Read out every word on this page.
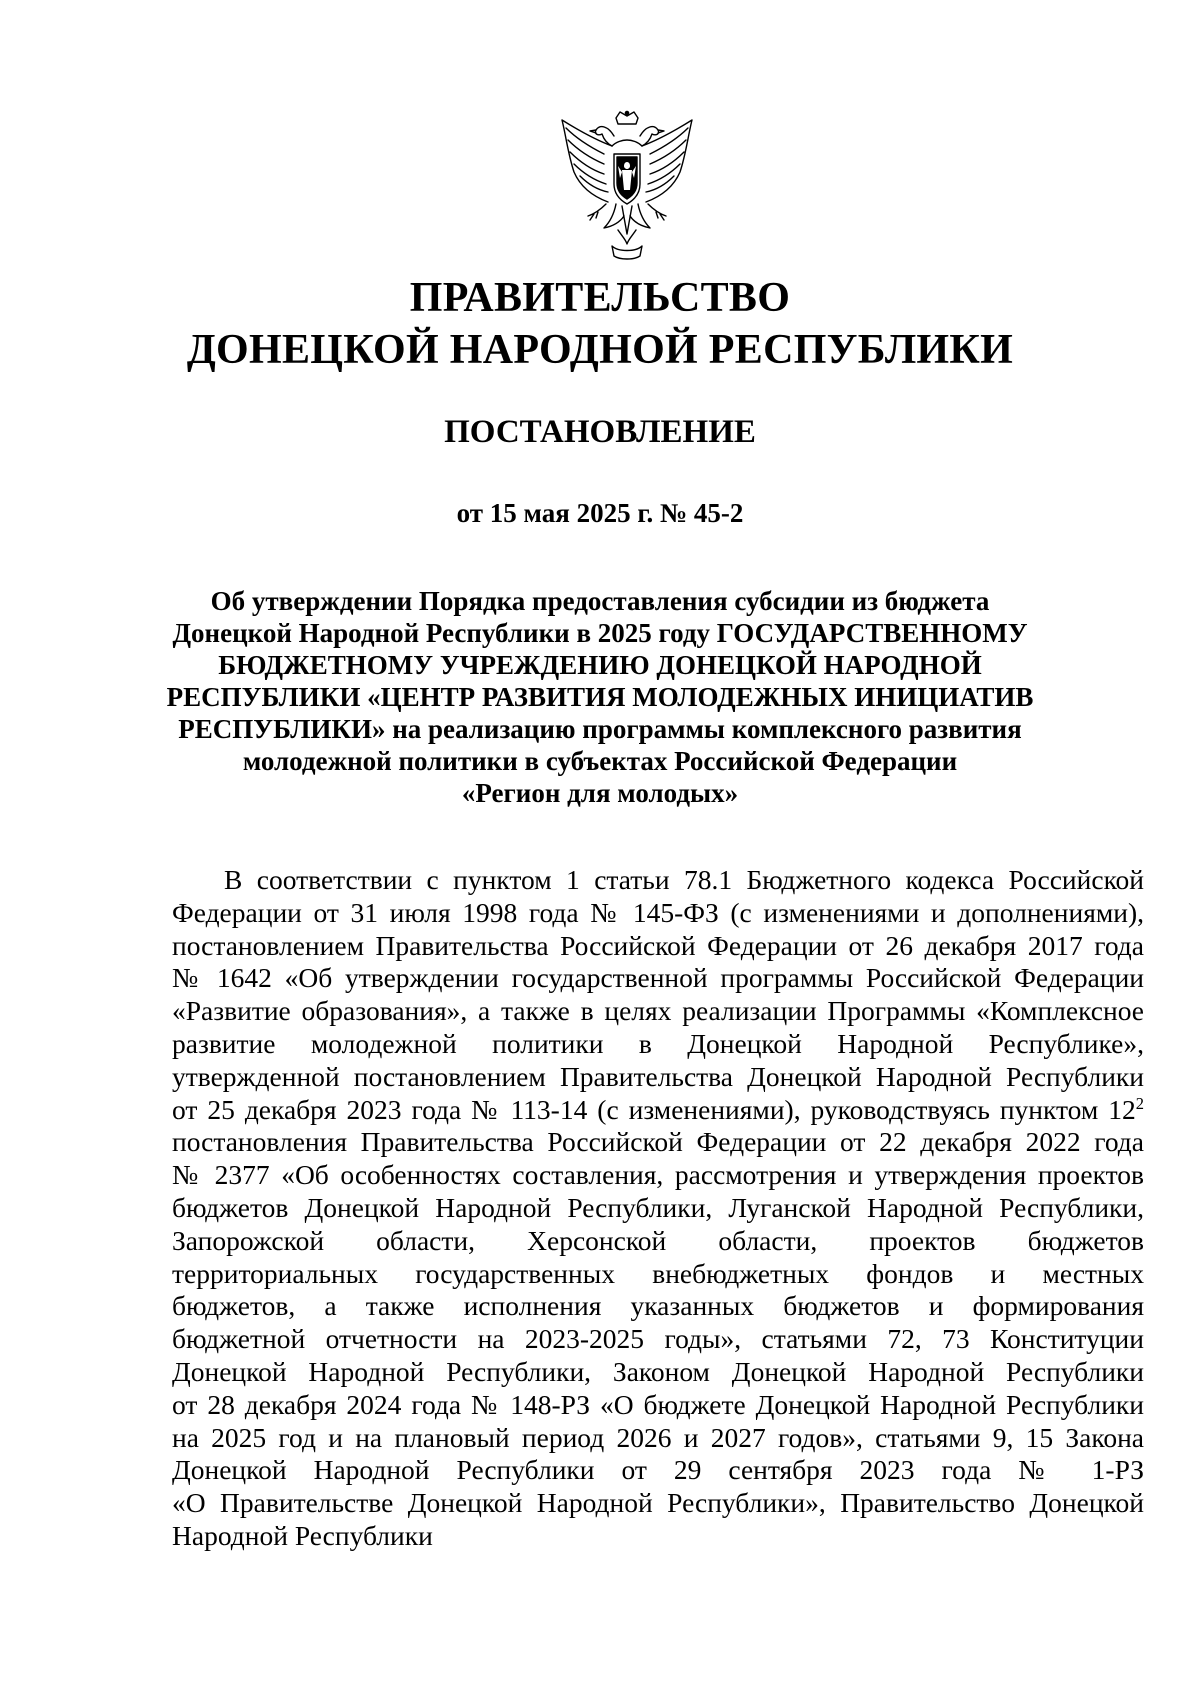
ПРАВИТЕЛЬСТВО
ДОНЕЦКОЙ НАРОДНОЙ РЕСПУБЛИКИ
ПОСТАНОВЛЕНИЕ
от 15 мая 2025 г. № 45-2
Об утверждении Порядка предоставления субсидии из бюджета
Донецкой Народной Республики в 2025 году ГОСУДАРСТВЕННОМУ
БЮДЖЕТНОМУ УЧРЕЖДЕНИЮ ДОНЕЦКОЙ НАРОДНОЙ
РЕСПУБЛИКИ «ЦЕНТР РАЗВИТИЯ МОЛОДЕЖНЫХ ИНИЦИАТИВ
РЕСПУБЛИКИ» на реализацию программы комплексного развития
молодежной политики в субъектах Российской Федерации
«Регион для молодых»
В соответствии с пунктом 1 статьи 78.1 Бюджетного кодекса Российской
Федерации от 31 июля 1998 года № 145-ФЗ (с изменениями и дополнениями),
постановлением Правительства Российской Федерации от 26 декабря 2017 года
№ 1642 «Об утверждении государственной программы Российской Федерации
«Развитие образования», а также в целях реализации Программы «Комплексное
развитие молодежной политики в Донецкой Народной Республике»,
утвержденной постановлением Правительства Донецкой Народной Республики
от 25 декабря 2023 года № 113-14 (с изменениями), руководствуясь пунктом $12^2$
постановления Правительства Российской Федерации от 22 декабря 2022 года
№ 2377 «Об особенностях составления, рассмотрения и утверждения проектов
бюджетов Донецкой Народной Республики, Луганской Народной Республики,
Запорожской области, Херсонской области, проектов бюджетов
территориальных государственных внебюджетных фондов и местных
бюджетов, а также исполнения указанных бюджетов и формирования
бюджетной отчетности на 2023-2025 годы», статьями 72, 73 Конституции
Донецкой Народной Республики, Законом Донецкой Народной Республики
от 28 декабря 2024 года № 148-РЗ «О бюджете Донецкой Народной Республики
на 2025 год и на плановый период 2026 и 2027 годов», статьями 9, 15 Закона
Донецкой Народной Республики от 29 сентября 2023 года № 1-РЗ
«О Правительстве Донецкой Народной Республики», Правительство Донецкой
Народной Республики
